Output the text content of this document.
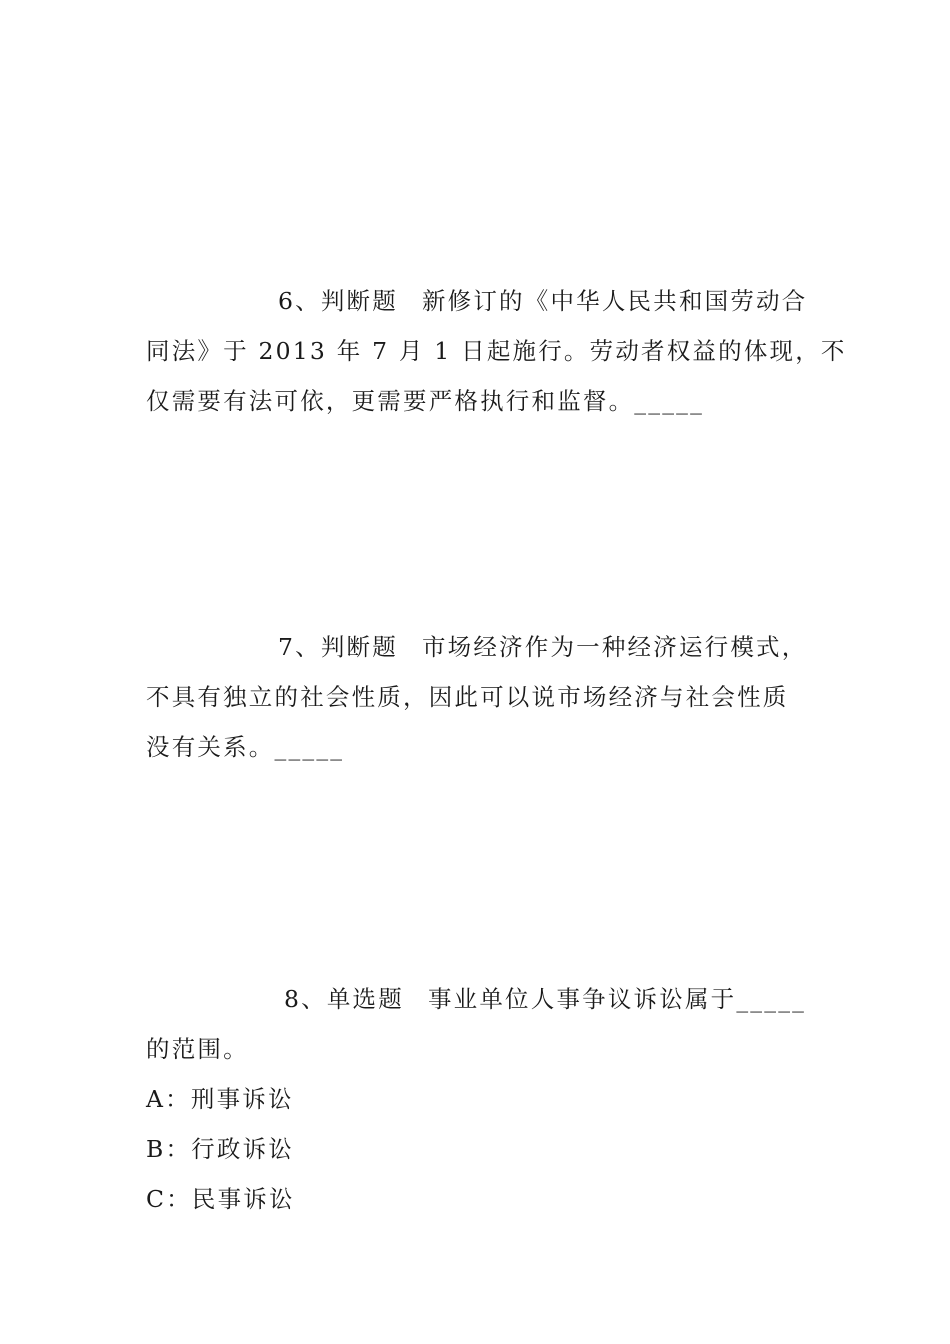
6、判断题 新修订的《中华人民共和国劳动合
同法》于 2013 年 7 月 1 日起施行。劳动者权益的体现，不
仅需要有法可依，更需要严格执行和监督。_____
7、判断题 市场经济作为一种经济运行模式，
不具有独立的社会性质，因此可以说市场经济与社会性质
没有关系。_____
8、单选题 事业单位人事争议诉讼属于_____
的范围。
A：刑事诉讼
B：行政诉讼
C：民事诉讼
